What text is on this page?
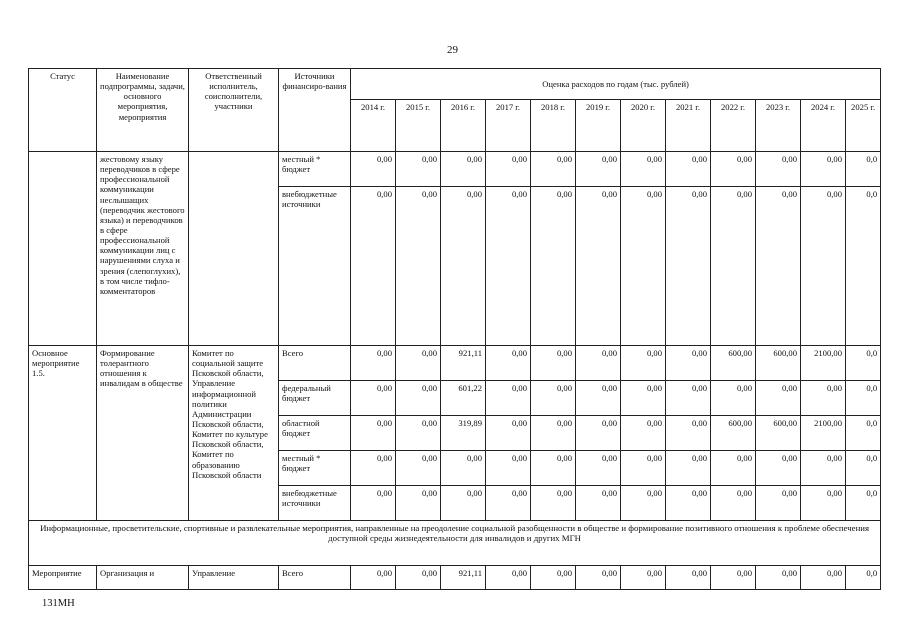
29
Статус	Наименование подпрограммы, задачи, основного мероприятия, мероприятия	Ответственный исполнитель, соисполнители, участники	Источники финансиро-вания	Оценка расходов по годам (тыс. рублей)											
				2014 г.	2015 г.	2016 г.	2017 г.	2018 г.	2019 г.	2020 г.	2021 г.	2022 г.	2023 г.	2024 г.	2025 г.
	жестовому языку переводчиков в сфере профессиональной коммуникации неслышащих (переводчик жестового языка) и переводчиков в сфере профессиональной коммуникации лиц с нарушениями слуха и зрения (слепоглухих), в том числе тифло-комментаторов		местный * бюджет	0,00	0,00	0,00	0,00	0,00	0,00	0,00	0,00	0,00	0,00	0,00	0,0
			внебюджетные источники	0,00	0,00	0,00	0,00	0,00	0,00	0,00	0,00	0,00	0,00	0,00	0,0
Основное мероприятие 1.5.	Формирование толерантного отношения к инвалидам в обществе	Комитет по социальной защите Псковской области, Управление информационной политики Администрации Псковской области, Комитет по культуре Псковской области, Комитет по образованию Псковской области	Всего	0,00	0,00	921,11	0,00	0,00	0,00	0,00	0,00	600,00	600,00	2100,00	0,0
			федеральный бюджет	0,00	0,00	601,22	0,00	0,00	0,00	0,00	0,00	0,00	0,00	0,00	0,0
			областной бюджет	0,00	0,00	319,89	0,00	0,00	0,00	0,00	0,00	600,00	600,00	2100,00	0,0
			местный * бюджет	0,00	0,00	0,00	0,00	0,00	0,00	0,00	0,00	0,00	0,00	0,00	0,0
			внебюджетные источники	0,00	0,00	0,00	0,00	0,00	0,00	0,00	0,00	0,00	0,00	0,00	0,0
Информационные, просветительские, спортивные и развлекательные мероприятия, направленные на преодоление социальной разобщенности в обществе и формирование позитивного отношения к проблеме обеспечения доступной среды жизнедеятельности для инвалидов и других МГН															
Мероприятие	Организация и	Управление	Всего	0,00	0,00	921,11	0,00	0,00	0,00	0,00	0,00	0,00	0,00	0,00	0,0
131МН
